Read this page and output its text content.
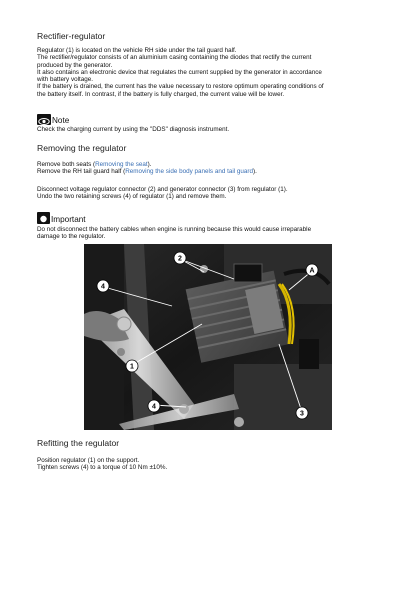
Rectifier-regulator
Regulator (1) is located on the vehicle RH side under the tail guard half.
The rectifier/regulator consists of an aluminium casing containing the diodes that rectify the current
produced by the generator.
It also contains an electronic device that regulates the current supplied by the generator in accordance
with battery voltage.
If the battery is drained, the current has the value necessary to restore optimum operating conditions of
the battery itself. In contrast, if the battery is fully charged, the current value will be lower.
Note
Check the charging current by using the "DDS" diagnosis instrument.
Removing the regulator
Remove both seats (Removing the seat).
Remove the RH tail guard half (Removing the side body panels and tail guard).
Disconnect voltage regulator connector (2) and generator connector (3) from regulator (1).
Undo the two retaining screws (4) of regulator (1) and remove them.
Important
Do not disconnect the battery cables when engine is running because this would cause irreparable
damage to the regulator.
2
4
A
1
4
3
Refitting the regulator
Position regulator (1) on the support.
Tighten screws (4) to a torque of 10 Nm ±10%.
